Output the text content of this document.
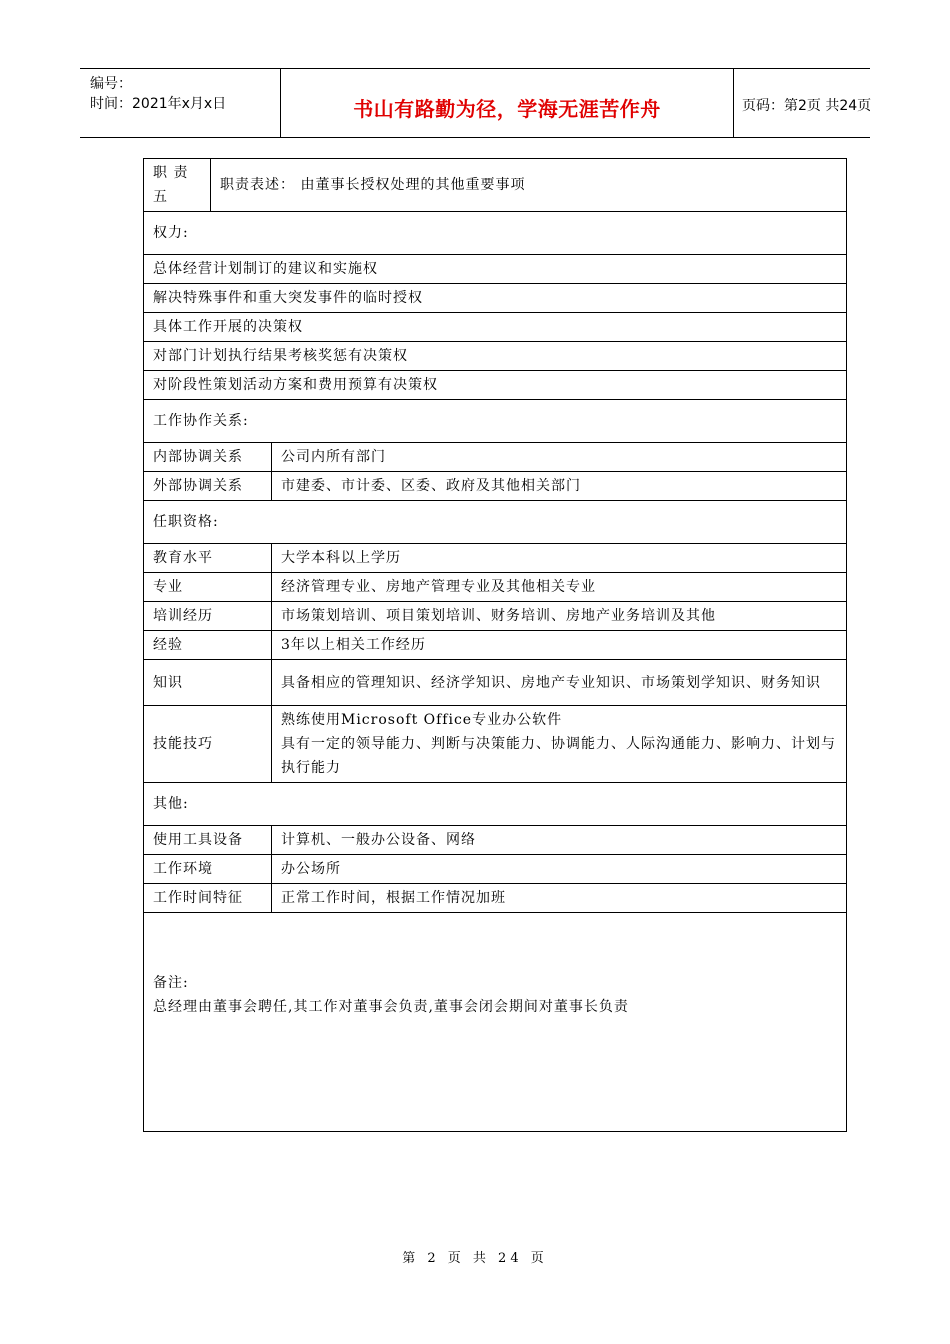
编号：
时间：2021年x月x日	书山有路勤为径，学海无涯苦作舟	页码：第2页 共24页
职 责 五	职责表述： 由董事长授权处理的其他重要事项	
权力:		
总体经营计划制订的建议和实施权		
解决特殊事件和重大突发事件的临时授权		
具体工作开展的决策权		
对部门计划执行结果考核奖惩有决策权		
对阶段性策划活动方案和费用预算有决策权		
工作协作关系:		
内部协调关系		公司内所有部门
外部协调关系		市建委、市计委、区委、政府及其他相关部门
任职资格:		
教育水平		大学本科以上学历
专业		经济管理专业、房地产管理专业及其他相关专业
培训经历		市场策划培训、项目策划培训、财务培训、房地产业务培训及其他
经验		3年以上相关工作经历
知识		具备相应的管理知识、经济学知识、房地产专业知识、市场策划学知识、财务知识
技能技巧		熟练使用Microsoft Office专业办公软件
具有一定的领导能力、判断与决策能力、协调能力、人际沟通能力、影响力、计划与执行能力

其他:		
使用工具设备		计算机、一般办公设备、网络
工作环境		办公场所
工作时间特征		正常工作时间，根据工作情况加班

备注:
总经理由董事会聘任,其工作对董事会负责,董事会闭会期间对董事长负责		
第 2 页 共 24 页
